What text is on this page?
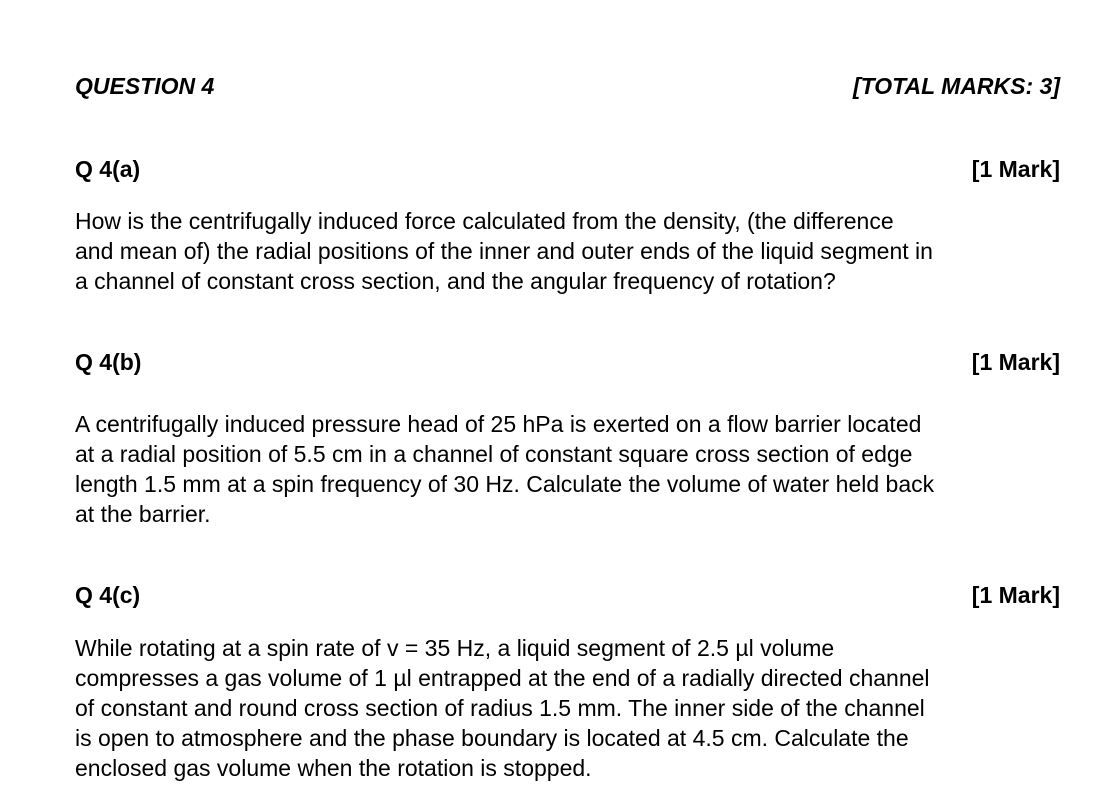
QUESTION 4	[TOTAL MARKS: 3]
Q 4(a)	[1 Mark]

How is the centrifugally induced force calculated from the density, (the difference
and mean of) the radial positions of the inner and outer ends of the liquid segment in
a channel of constant cross section, and the angular frequency of rotation?

Q 4(b)	[1 Mark]

A centrifugally induced pressure head of 25 hPa is exerted on a flow barrier located
at a radial position of 5.5 cm in a channel of constant square cross section of edge
length 1.5 mm at a spin frequency of 30 Hz. Calculate the volume of water held back
at the barrier.

Q 4(c)	[1 Mark]

While rotating at a spin rate of v = 35 Hz, a liquid segment of 2.5 µl volume
compresses a gas volume of 1 µl entrapped at the end of a radially directed channel
of constant and round cross section of radius 1.5 mm. The inner side of the channel
is open to atmosphere and the phase boundary is located at 4.5 cm. Calculate the
enclosed gas volume when the rotation is stopped.
